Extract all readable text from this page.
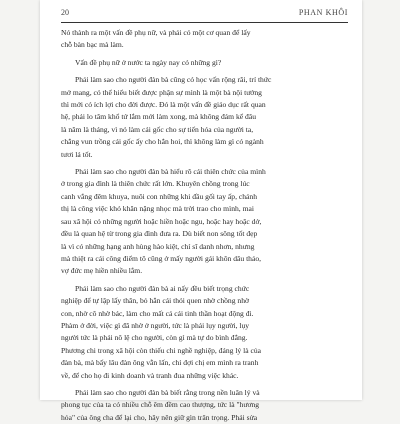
20	PHAN KHÔI
Nó thành ra một vấn đề phụ nữ, và phải có một cơ quan để lấy
chỗ bàn bạc mà làm.
Vấn đề phụ nữ ở nước ta ngày nay có những gì?
Phải làm sao cho người đàn bà cũng có học vấn rộng rãi, trí thức
mở mang, có thể hiểu biết được phận sự mình là một bà nội tướng
thì mới có ích lợi cho đời được. Đó là một vấn đề giáo dục rất quan
hệ, phải lo tâm khổ tứ lắm mới làm xong, mà không đám kể đâu
là năm là tháng, vì nó làm cái gốc cho sự tiến hóa của người ta,
chẳng vun trồng cái gốc ấy cho hẳn hoi, thì không làm gì có ngành
tươi lá tốt.
Phải làm sao cho người đàn bà hiểu rõ cái thiên chức của mình
ở trong gia đình là thiên chức rất lớn. Khuyên chồng trong lúc
canh vắng đêm khuya, nuôi con những khi đầu gối tay ấp, chánh
thị là công việc khó khăn nặng nhọc mà trời trao cho mình, mai
sau xã hội có những người hoặc hiền hoặc ngu, hoặc hay hoặc dở,
đều là quan hệ từ trong gia đình đưa ra. Dù biết non sông tốt đẹp
là vì có những hạng anh hùng hào kiệt, chí sĩ danh nhơn, nhưng
mà thiệt ra cái công điểm tô cũng ở mấy người gái khôn dâu thảo,
vợ đức mẹ hiền nhiều lắm.
Phải làm sao cho người đàn bà ai nấy đều biết trọng chức
nghiệp để tự lập lấy thân, bỏ hẳn cái thói quen nhờ chồng nhờ
con, nhờ cô nhờ bác, làm cho mất cả cái tinh thần hoạt động đi.
Phàm ở đời, việc gì đã nhờ ở người, tức là phải lụy người, lụy
người tức là phải nô lệ cho người, còn gì mà tự do bình đẳng.
Phương chi trong xã hội còn thiếu chi nghề nghiệp, đáng lý là của
đàn bà, mà bấy lâu đàn ông vẫn lấn, chỉ đợi chị em mình ra tranh
về, để cho họ đi kinh doanh và tranh đua những việc khác.
Phải làm sao cho người đàn bà biết rằng trong nền luân lý và
phong tục của ta có nhiều chỗ êm đềm cao thượng, tức là "hương
hỏa" của ông cha để lại cho, hãy nên giữ gìn trân trọng. Phải sửa
